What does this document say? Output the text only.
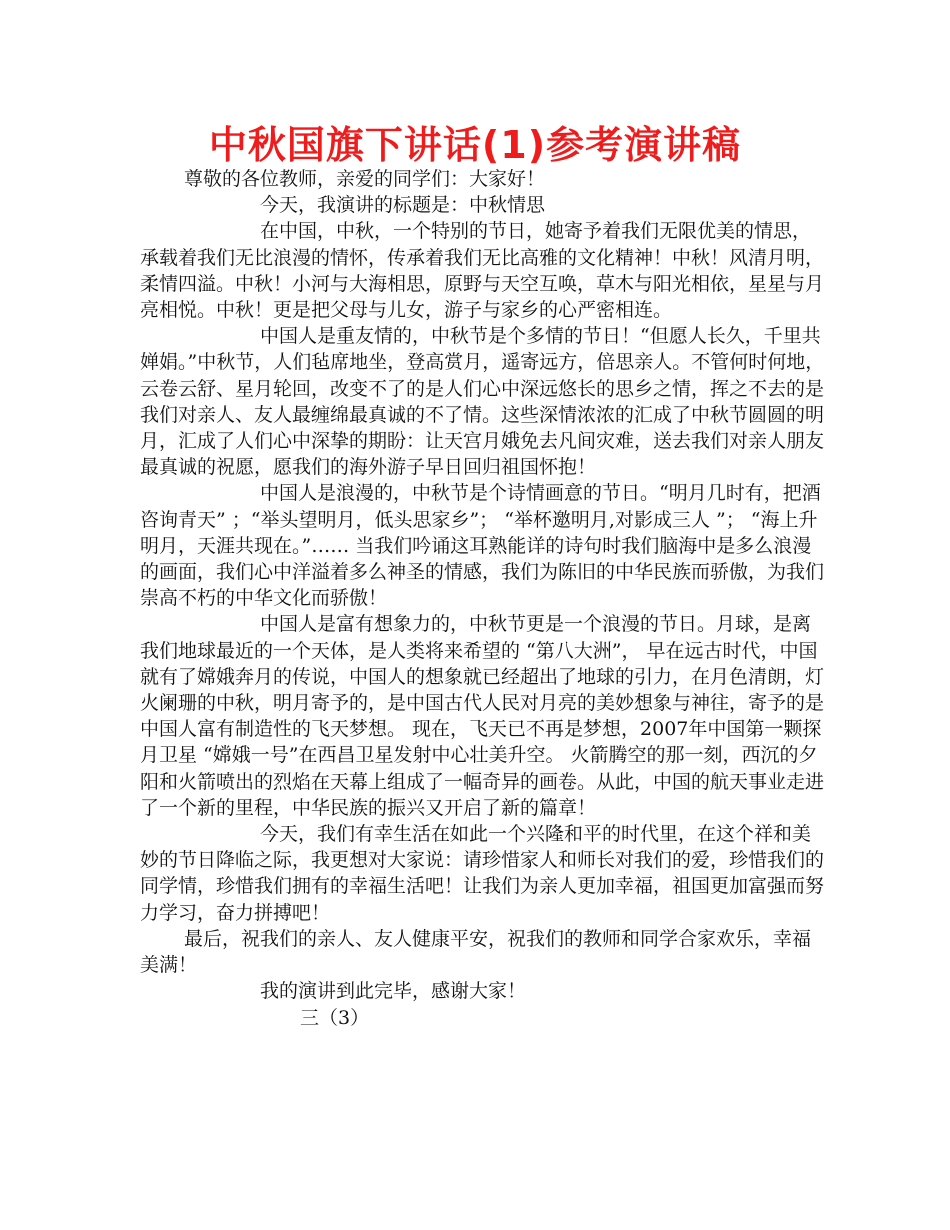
中秋国旗下讲话(1)参考演讲稿

尊敬的各位教师，亲爱的同学们：大家好！

今天，我演讲的标题是：中秋情思

在中国，中秋，一个特别的节日，她寄予着我们无限优美的情思，承载着我们无比浪漫的情怀，传承着我们无比高雅的文化精神！中秋！风清月明，柔情四溢。中秋！小河与大海相思，原野与天空互唤，草木与阳光相依，星星与月亮相悦。中秋！更是把父母与儿女，游子与家乡的心严密相连。

中国人是重友情的，中秋节是个多情的节日！“但愿人长久，千里共婵娟。”中秋节，人们毡席地坐，登高赏月，遥寄远方，倍思亲人。不管何时何地，云卷云舒、星月轮回，改变不了的是人们心中深远悠长的思乡之情，挥之不去的是我们对亲人、友人最缠绵最真诚的不了情。这些深情浓浓的汇成了中秋节圆圆的明月，汇成了人们心中深挚的期盼：让天宫月娥免去凡间灾难，送去我们对亲人朋友最真诚的祝愿，愿我们的海外游子早日回归祖国怀抱！

中国人是浪漫的，中秋节是个诗情画意的节日。“明月几时有，把酒咨询青天” ；“举头望明月，低头思家乡”； “举杯邀明月,对影成三人 ”； “海上升明月，天涯共现在。”…… 当我们吟诵这耳熟能详的诗句时我们脑海中是多么浪漫的画面，我们心中洋溢着多么神圣的情感，我们为陈旧的中华民族而骄傲，为我们崇高不朽的中华文化而骄傲！

中国人是富有想象力的，中秋节更是一个浪漫的节日。月球，是离我们地球最近的一个天体，是人类将来希望的 “第八大洲”， 早在远古时代，中国就有了嫦娥奔月的传说，中国人的想象就已经超出了地球的引力，在月色清朗，灯火阑珊的中秋，明月寄予的，是中国古代人民对月亮的美妙想象与神往，寄予的是中国人富有制造性的飞天梦想。 现在，飞天已不再是梦想，2007年中国第一颗探月卫星 “嫦娥一号”在西昌卫星发射中心壮美升空。 火箭腾空的那一刻，西沉的夕阳和火箭喷出的烈焰在天幕上组成了一幅奇异的画卷。从此，中国的航天事业走进了一个新的里程，中华民族的振兴又开启了新的篇章！

今天，我们有幸生活在如此一个兴隆和平的时代里，在这个祥和美妙的节日降临之际，我更想对大家说：请珍惜家人和师长对我们的爱，珍惜我们的同学情，珍惜我们拥有的幸福生活吧！让我们为亲人更加幸福，祖国更加富强而努力学习，奋力拼搏吧！

最后，祝我们的亲人、友人健康平安，祝我们的教师和同学合家欢乐，幸福美满！

我的演讲到此完毕，感谢大家！

三（3）
